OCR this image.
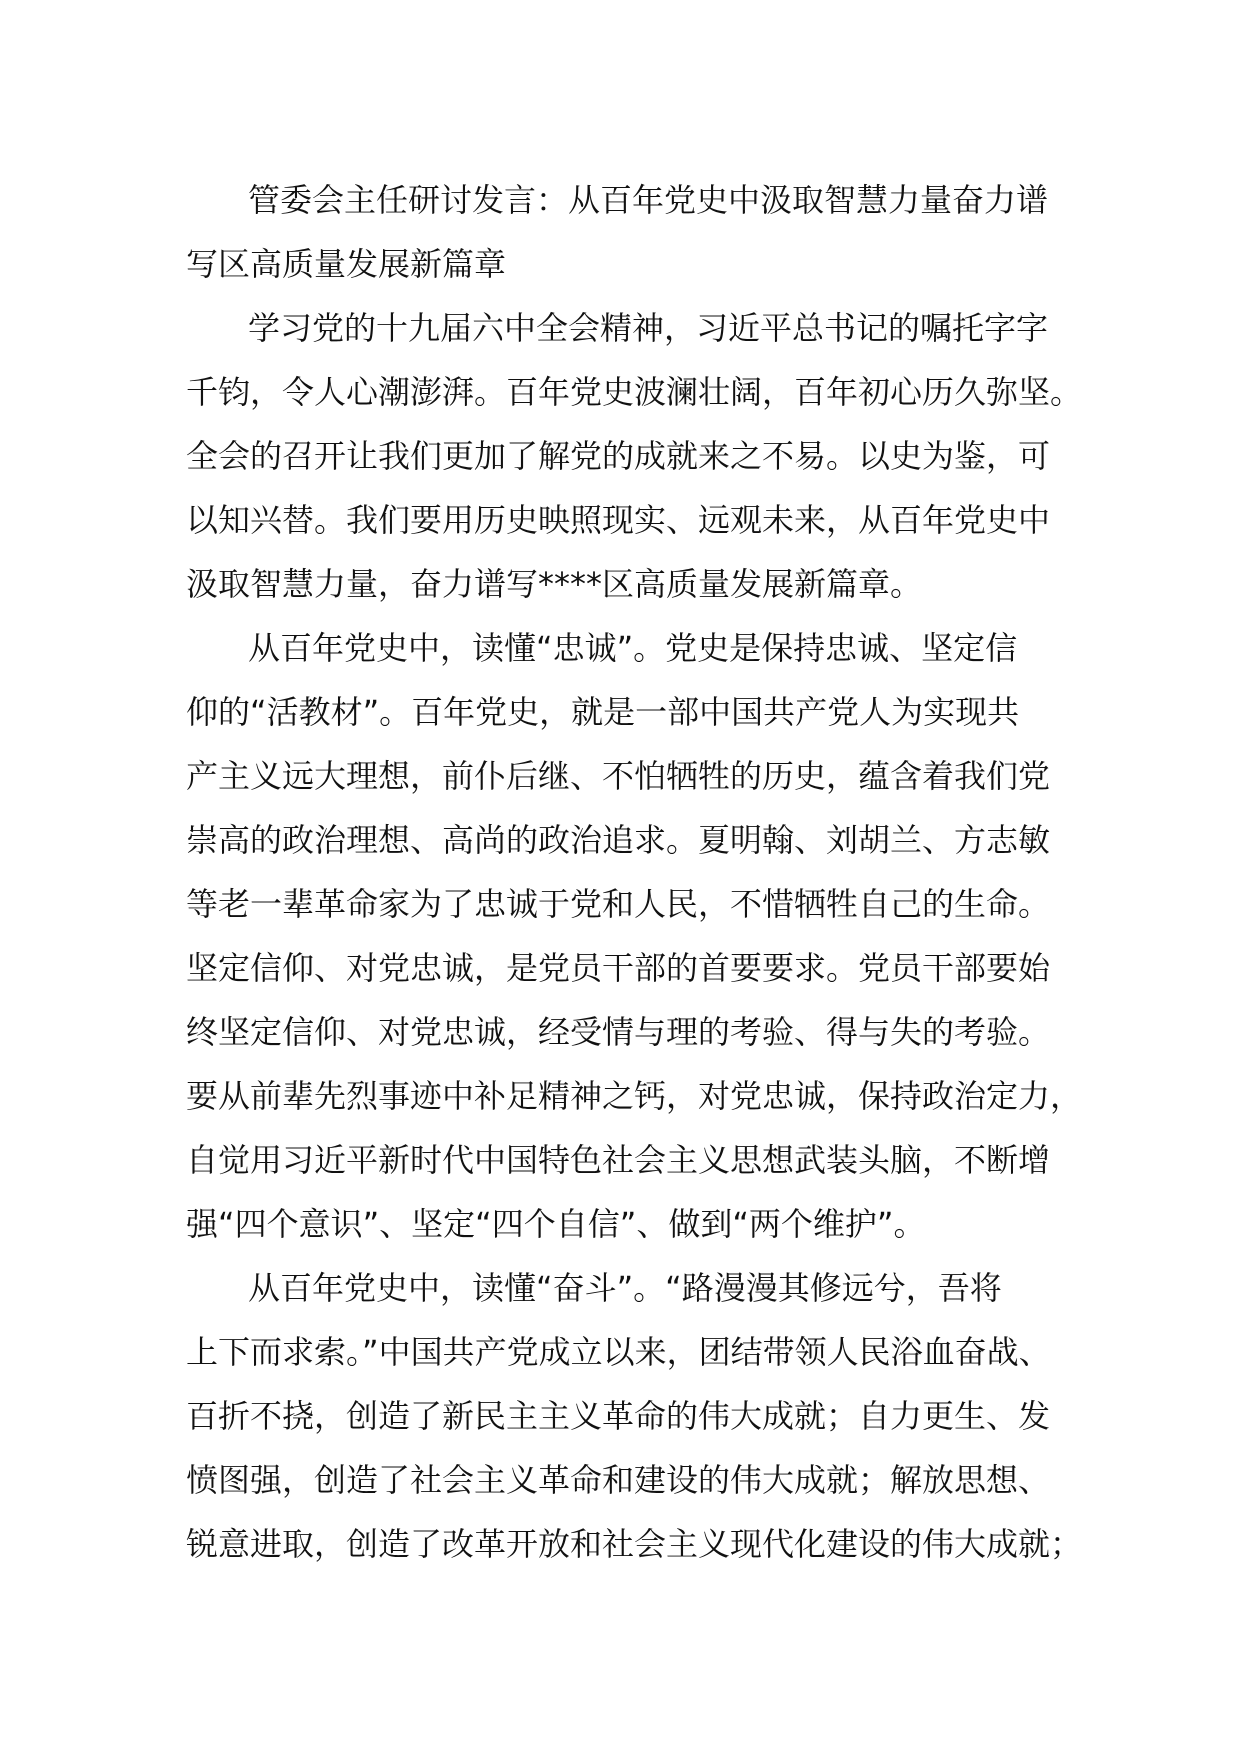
管委会主任研讨发言：从百年党史中汲取智慧力量奋力谱
写区高质量发展新篇章
学习党的十九届六中全会精神，习近平总书记的嘱托字字
千钧，令人心潮澎湃。百年党史波澜壮阔，百年初心历久弥坚。
全会的召开让我们更加了解党的成就来之不易。以史为鉴，可
以知兴替。我们要用历史映照现实、远观未来，从百年党史中
汲取智慧力量，奋力谱写****区高质量发展新篇章。
从百年党史中，读懂“忠诚”。党史是保持忠诚、坚定信
仰的“活教材”。百年党史，就是一部中国共产党人为实现共
产主义远大理想，前仆后继、不怕牺牲的历史，蕴含着我们党
崇高的政治理想、高尚的政治追求。夏明翰、刘胡兰、方志敏
等老一辈革命家为了忠诚于党和人民，不惜牺牲自己的生命。
坚定信仰、对党忠诚，是党员干部的首要要求。党员干部要始
终坚定信仰、对党忠诚，经受情与理的考验、得与失的考验。
要从前辈先烈事迹中补足精神之钙，对党忠诚，保持政治定力，
自觉用习近平新时代中国特色社会主义思想武装头脑，不断增
强“四个意识”、坚定“四个自信”、做到“两个维护”。
从百年党史中，读懂“奋斗”。“路漫漫其修远兮，吾将
上下而求索。”中国共产党成立以来，团结带领人民浴血奋战、
百折不挠，创造了新民主主义革命的伟大成就；自力更生、发
愤图强，创造了社会主义革命和建设的伟大成就；解放思想、
锐意进取，创造了改革开放和社会主义现代化建设的伟大成就；
